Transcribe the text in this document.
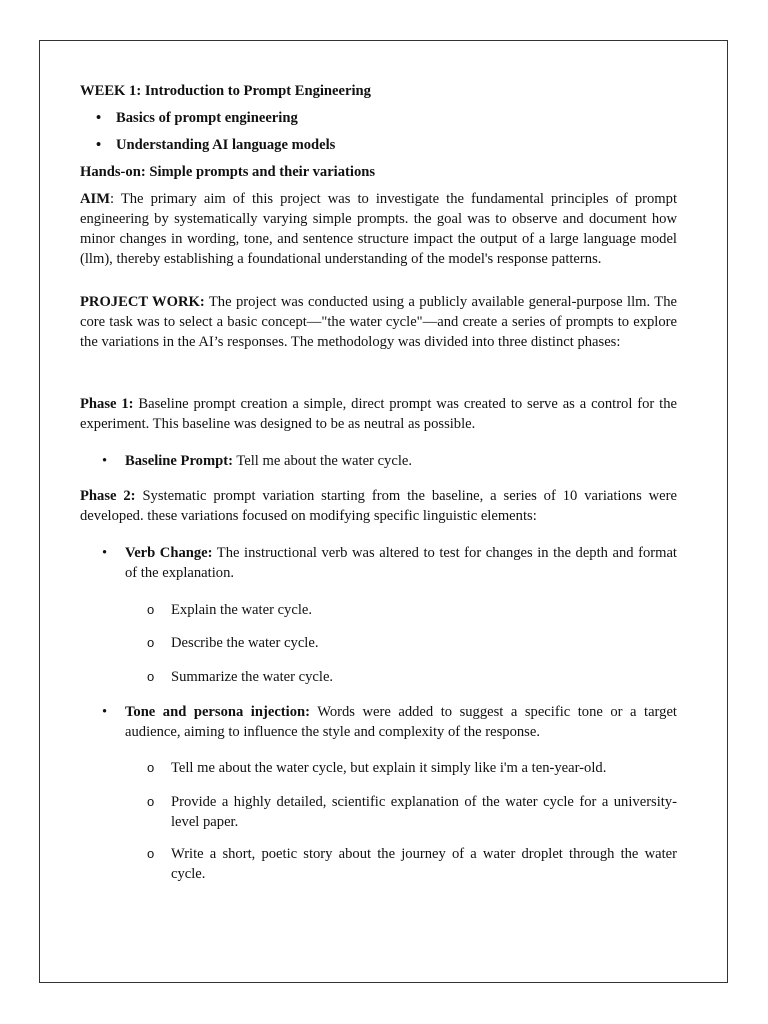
WEEK 1: Introduction to Prompt Engineering

• Basics of prompt engineering
• Understanding AI language models

Hands-on: Simple prompts and their variations

AIM: The primary aim of this project was to investigate the fundamental principles of prompt engineering by systematically varying simple prompts. the goal was to observe and document how minor changes in wording, tone, and sentence structure impact the output of a large language model (llm), thereby establishing a foundational understanding of the model's response patterns.

PROJECT WORK: The project was conducted using a publicly available general-purpose llm. The core task was to select a basic concept—"the water cycle"—and create a series of prompts to explore the variations in the AI’s responses. The methodology was divided into three distinct phases:

Phase 1: Baseline prompt creation a simple, direct prompt was created to serve as a control for the experiment. This baseline was designed to be as neutral as possible.

• Baseline Prompt: Tell me about the water cycle.

Phase 2: Systematic prompt variation starting from the baseline, a series of 10 variations were developed. these variations focused on modifying specific linguistic elements:

• Verb Change: The instructional verb was altered to test for changes in the depth and format of the explanation.
o Explain the water cycle.
o Describe the water cycle.
o Summarize the water cycle.
• Tone and persona injection: Words were added to suggest a specific tone or a target audience, aiming to influence the style and complexity of the response.
o Tell me about the water cycle, but explain it simply like i'm a ten-year-old.
o Provide a highly detailed, scientific explanation of the water cycle for a university-level paper.
o Write a short, poetic story about the journey of a water droplet through the water cycle.
